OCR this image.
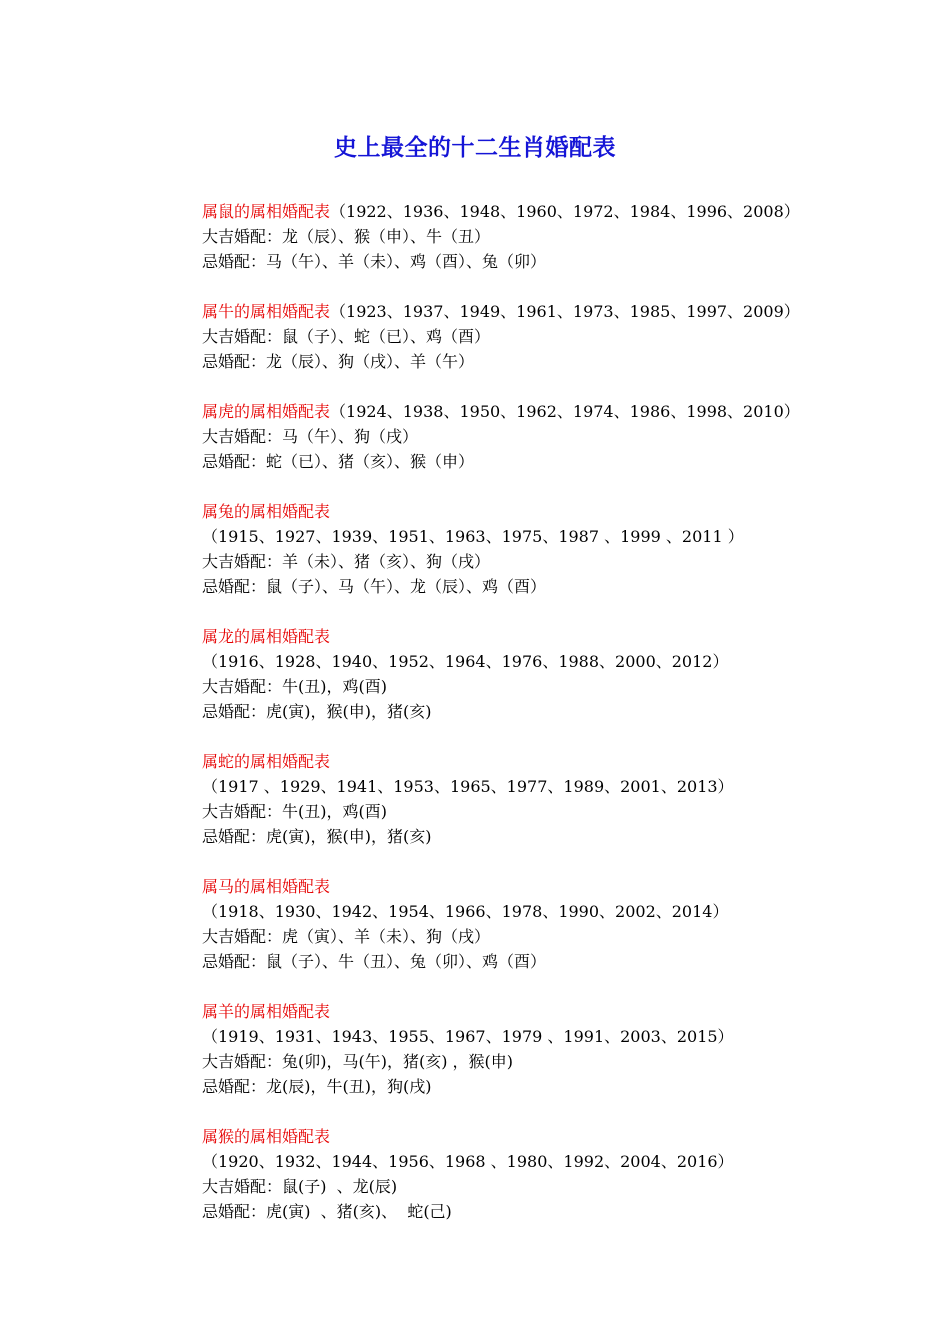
史上最全的十二生肖婚配表
属鼠的属相婚配表（1922、1936、1948、1960、1972、1984、1996、2008）
大吉婚配：龙（辰）、猴（申）、牛（丑）
忌婚配：马（午）、羊（未）、鸡（酉）、兔（卯）
属牛的属相婚配表（1923、1937、1949、1961、1973、1985、1997、2009）
大吉婚配：鼠（子）、蛇（已）、鸡（酉）
忌婚配：龙（辰）、狗（戌）、羊（午）
属虎的属相婚配表（1924、1938、1950、1962、1974、1986、1998、2010）
大吉婚配：马（午）、狗（戌）
忌婚配：蛇（已）、猪（亥）、猴（申）
属兔的属相婚配表
（1915、1927、1939、1951、1963、1975、1987 、1999 、2011 ）
大吉婚配：羊（未）、猪（亥）、狗（戌）
忌婚配：鼠（子）、马（午）、龙（辰）、鸡（酉）
属龙的属相婚配表
（1916、1928、1940、1952、1964、1976、1988、2000、2012）
大吉婚配：牛(丑)，鸡(酉)
忌婚配：虎(寅)，猴(申)，猪(亥)
属蛇的属相婚配表
（1917 、1929、1941、1953、1965、1977、1989、2001、2013）
大吉婚配：牛(丑)，鸡(酉)
忌婚配：虎(寅)，猴(申)，猪(亥)
属马的属相婚配表
（1918、1930、1942、1954、1966、1978、1990、2002、2014）
大吉婚配：虎（寅）、羊（未）、狗（戌）
忌婚配：鼠（子）、牛（丑）、兔（卯）、鸡（酉）
属羊的属相婚配表
（1919、1931、1943、1955、1967、1979 、1991、2003、2015）
大吉婚配：兔(卯)，马(午)，猪(亥) ，猴(申)
忌婚配：龙(辰)，牛(丑)，狗(戌)
属猴的属相婚配表
（1920、1932、1944、1956、1968 、1980、1992、2004、2016）
大吉婚配：鼠(子)  、龙(辰)
忌婚配：虎(寅)  、猪(亥)、  蛇(己)
